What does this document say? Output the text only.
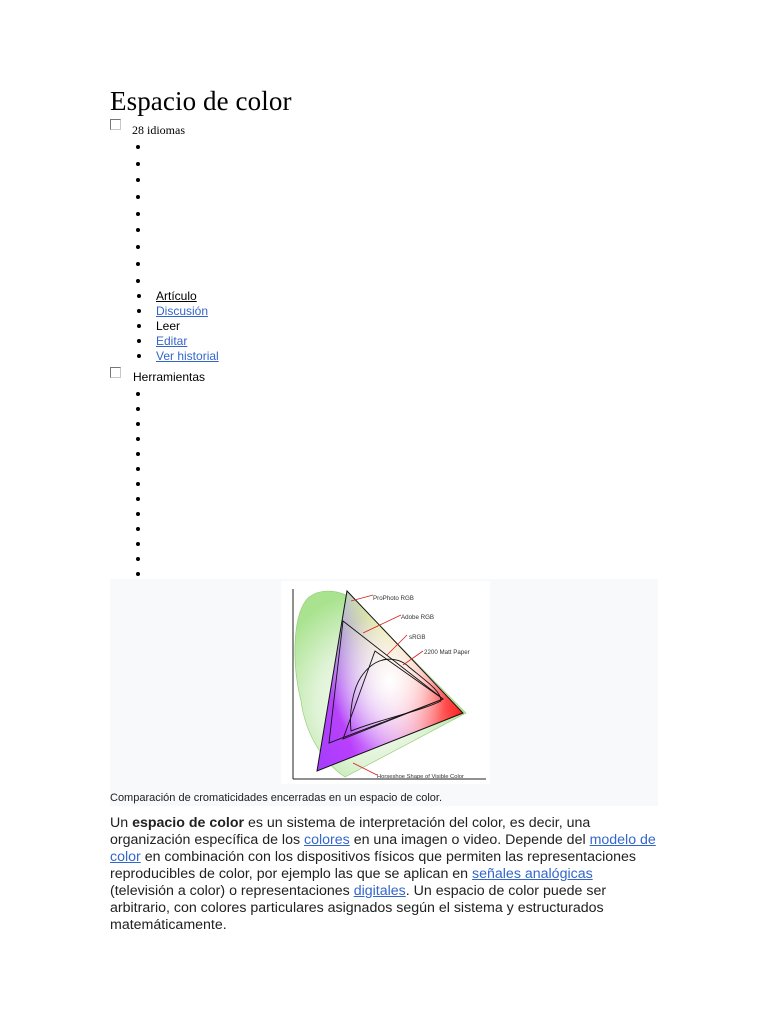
Espacio de color
28 idiomas
Artículo
Discusión
Leer
Editar
Ver historial
Herramientas
ProPhoto RGB
Adobe RGB
sRGB
2200 Matt Paper
Horseshoe Shape of Visible Color
Comparación de cromaticidades encerradas en un espacio de color.

Un espacio de color es un sistema de interpretación del color, es decir, una organización específica de los colores en una imagen o video. Depende del modelo de color en combinación con los dispositivos físicos que permiten las representaciones reproducibles de color, por ejemplo las que se aplican en señales analógicas (televisión a color) o representaciones digitales. Un espacio de color puede ser arbitrario, con colores particulares asignados según el sistema y estructurados matemáticamente.
